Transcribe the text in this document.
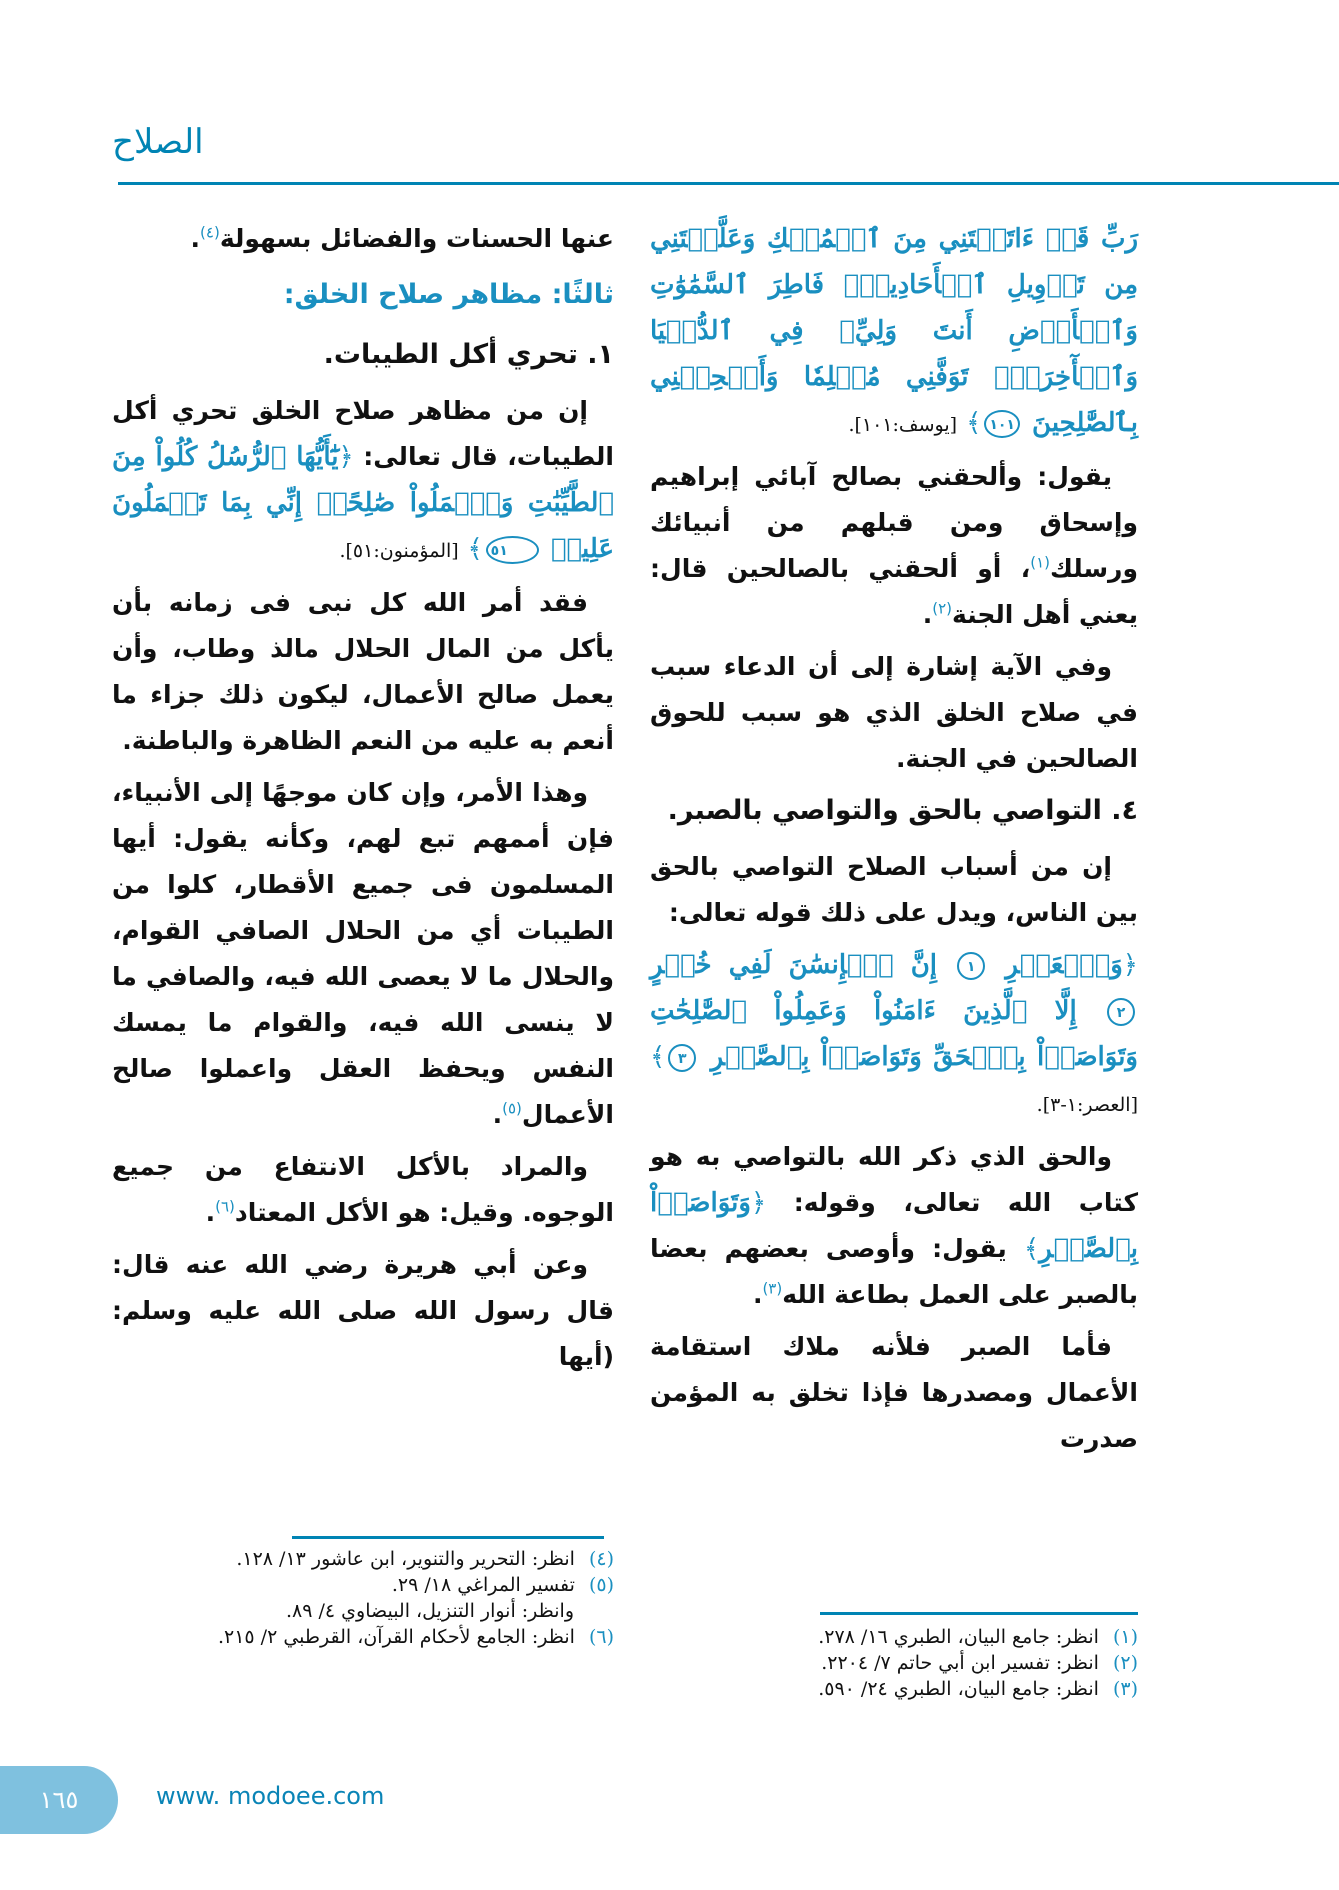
الصلاح
رَبِّ قَدۡ ءَاتَيۡتَنِي مِنَ ٱلۡمُلۡكِ وَعَلَّمۡتَنِي مِن تَأۡوِيلِ ٱلۡأَحَادِيثِۚ فَاطِرَ ٱلسَّمَٰوَٰتِ وَٱلۡأَرۡضِ أَنتَ وَلِيِّۦ فِي ٱلدُّنۡيَا وَٱلۡأٓخِرَةِۖ تَوَفَّنِي مُسۡلِمٗا وَأَلۡحِقۡنِي بِٱلصَّٰلِحِينَ ١٠١﴾ [يوسف:١٠١].

يقول: وألحقني بصالح آبائي إبراهيم وإسحاق ومن قبلهم من أنبيائك ورسلك$^{(١)}$، أو ألحقني بالصالحين قال: يعني أهل الجنة$^{(٢)}$.

وفي الآية إشارة إلى أن الدعاء سبب في صلاح الخلق الذي هو سبب للحوق الصالحين في الجنة.

٤. التواصي بالحق والتواصي بالصبر.

إن من أسباب الصلاح التواصي بالحق بين الناس، ويدل على ذلك قوله تعالى:

﴿وَٱلۡعَصۡرِ ١ إِنَّ ٱلۡإِنسَٰنَ لَفِي خُسۡرٍ ٢ إِلَّا ٱلَّذِينَ ءَامَنُواْ وَعَمِلُواْ ٱلصَّٰلِحَٰتِ وَتَوَاصَوۡاْ بِٱلۡحَقِّ وَتَوَاصَوۡاْ بِٱلصَّبۡرِ ٣﴾ [العصر:١-٣].

والحق الذي ذكر الله بالتواصي به هو كتاب الله تعالى، وقوله: ﴿وَتَوَاصَوۡاْ بِٱلصَّبۡرِ﴾ يقول: وأوصى بعضهم بعضا بالصبر على العمل بطاعة الله$^{(٣)}$.

فأما الصبر فلأنه ملاك استقامة الأعمال ومصدرها فإذا تخلق به المؤمن صدرت

عنها الحسنات والفضائل بسهولة$^{(٤)}$.

ثالثًا: مظاهر صلاح الخلق:

١. تحري أكل الطيبات.

إن من مظاهر صلاح الخلق تحري أكل الطيبات، قال تعالى: ﴿يَٰٓأَيُّهَا ٱلرُّسُلُ كُلُواْ مِنَ ٱلطَّيِّبَٰتِ وَٱعۡمَلُواْ صَٰلِحًاۖ إِنِّي بِمَا تَعۡمَلُونَ عَلِيمٞ ٥١﴾ [المؤمنون:٥١].

فقد أمر الله كل نبى فى زمانه بأن يأكل من المال الحلال مالذ وطاب، وأن يعمل صالح الأعمال، ليكون ذلك جزاء ما أنعم به عليه من النعم الظاهرة والباطنة.

وهذا الأمر، وإن كان موجهًا إلى الأنبياء، فإن أممهم تبع لهم، وكأنه يقول: أيها المسلمون فى جميع الأقطار، كلوا من الطيبات أي من الحلال الصافي القوام، والحلال ما لا يعصى الله فيه، والصافي ما لا ينسى الله فيه، والقوام ما يمسك النفس ويحفظ العقل واعملوا صالح الأعمال$^{(٥)}$.

والمراد بالأكل الانتفاع من جميع الوجوه. وقيل: هو الأكل المعتاد$^{(٦)}$.

وعن أبي هريرة رضي الله عنه قال: قال رسول الله صلى الله عليه وسلم: (أيها

(١)
انظر: جامع البيان، الطبري ١٦/ ٢٧٨.
(٢)
انظر: تفسير ابن أبي حاتم ٧/ ٢٢٠٤.
(٣)
انظر: جامع البيان، الطبري ٢٤/ ٥٩٠.
(٤)
انظر: التحرير والتنوير، ابن عاشور ١٣/ ١٢٨.
(٥)
تفسير المراغي ١٨/ ٢٩.
وانظر: أنوار التنزيل، البيضاوي ٤/ ٨٩.
(٦)
انظر: الجامع لأحكام القرآن، القرطبي ٢/ ٢١٥.
١٦٥	www. modoee.com
